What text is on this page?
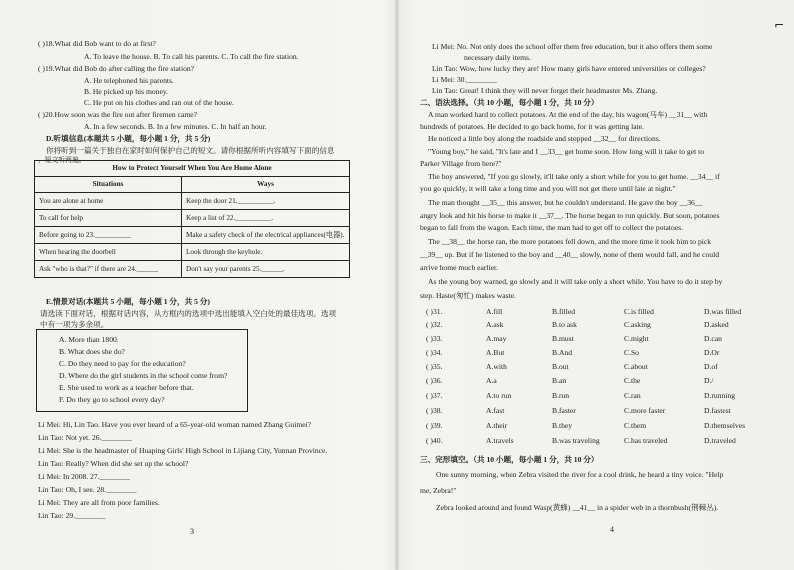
( )18.What did Bob want to do at first?
A. To leave the house. B. To call his parents. C. To call the fire station.
( )19.What did Bob do after calling the fire station?
A. He telephoned his parents.
B. He picked up his money.
C. He put on his clothes and ran out of the house.
( )20.How soon was the fire out after firemen came?
A. In a few seconds. B. In a few minutes. C. In half an hour.
D.听填信息(本题共 5 小题，每小题 1 分，共 5 分)
你将听到一篇关于独自在家时如何保护自己的短文。请你根据所听内容填写下面的信息
，短文听两遍。
How to Protect Yourself When You Are Home Alone	
Situations	Ways
You are alone at home	Keep the door 21.__________.
To call for help	Keep a list of 22.__________.
Before going to 23.__________	Make a safety check of the electrical appliances(电器).
When hearing the doorbell	Look through the keyhole.
Ask "who is that?" if there are 24.______	Don't say your parents 25.______.
E.情景对话(本题共 5 小题，每小题 1 分，共 5 分)
请选读下面对话，根据对话内容，从方框内的选项中选出能填入空白处的最佳选项。选项
中有一项为多余项。
A. More than 1800.
B. What does she do?
C. Do they need to pay for the education?
D. Where do the girl students in the school come from?
E. She used to work as a teacher before that.
F. Do they go to school every day?
Li Mei: Hi, Lin Tao. Have you ever heard of a 65-year-old woman named Zhang Guimei?
Lin Tao: Not yet. 26.________
Li Mei: She is the headmaster of Huaping Girls' High School in Lijiang City, Yunnan Province.
Lin Tao: Really? When did she set up the school?
Li Mei: In 2008. 27.________
Lin Tao: Oh, I see. 28.________
Li Mei: They are all from poor families.
Lin Tao: 29.________
3
Li Mei: No. Not only does the school offer them free education, but it also offers them some
necessary daily items.
Lin Tao: Wow, how lucky they are! How many girls have entered universities or colleges?
Li Mei: 30.________
Lin Tao: Great! I think they will never forget their headmaster Ms. Zhang.
二、语法选择。（共 10 小题，每小题 1 分，共 10 分）
A man worked hard to collect potatoes. At the end of the day, his wagon(马车) __31__ with
hundreds of potatoes. He decided to go back home, for it was getting late.
He noticed a little boy along the roadside and stopped __32__ for directions.
"Young boy," he said, "It's late and I __33__ get home soon. How long will it take to get to
Parker Village from here?"
The boy answered, "If you go slowly, it'll take only a short while for you to get home. __34__ if
you go quickly, it will take a long time and you will not get there until late at night."
The man thought __35__ this answer, but he couldn't understand. He gave the boy __36__
angry look and hit his horse to make it __37__. The horse began to run quickly. But soon, potatoes
began to fall from the wagon. Each time, the man had to get off to collect the potatoes.
The __38__ the horse ran, the more potatoes fell down, and the more time it took him to pick
__39__ up. But if he listened to the boy and __40__ slowly, none of them would fall, and he could
arrive home much earlier.
As the young boy warned, go slowly and it will take only a short while. You have to do it step by
step. Haste(匆忙) makes waste.
( )31.	A.fill	B.filled	C.is filled	D.was filled
( )32.	A.ask	B.to ask	C.asking	D.asked
( )33.	A.may	B.must	C.might	D.can
( )34.	A.But	B.And	C.So	D.Or
( )35.	A.with	B.out	C.about	D.of
( )36.	A.a	B.an	C.the	D./
( )37.	A.to run	B.run	C.ran	D.running
( )38.	A.fast	B.faster	C.more faster	D.fastest
( )39.	A.their	B.they	C.them	D.themselves
( )40.	A.travels	B.was traveling	C.has traveled	D.traveled
三、完形填空。（共 10 小题，每小题 1 分，共 10 分）
One sunny morning, when Zebra visited the river for a cool drink, he heard a tiny voice. "Help
me, Zebra!"
Zebra looked around and found Wasp(黄蜂) __41__ in a spider web in a thornbush(荆棘丛).
4
⌐
